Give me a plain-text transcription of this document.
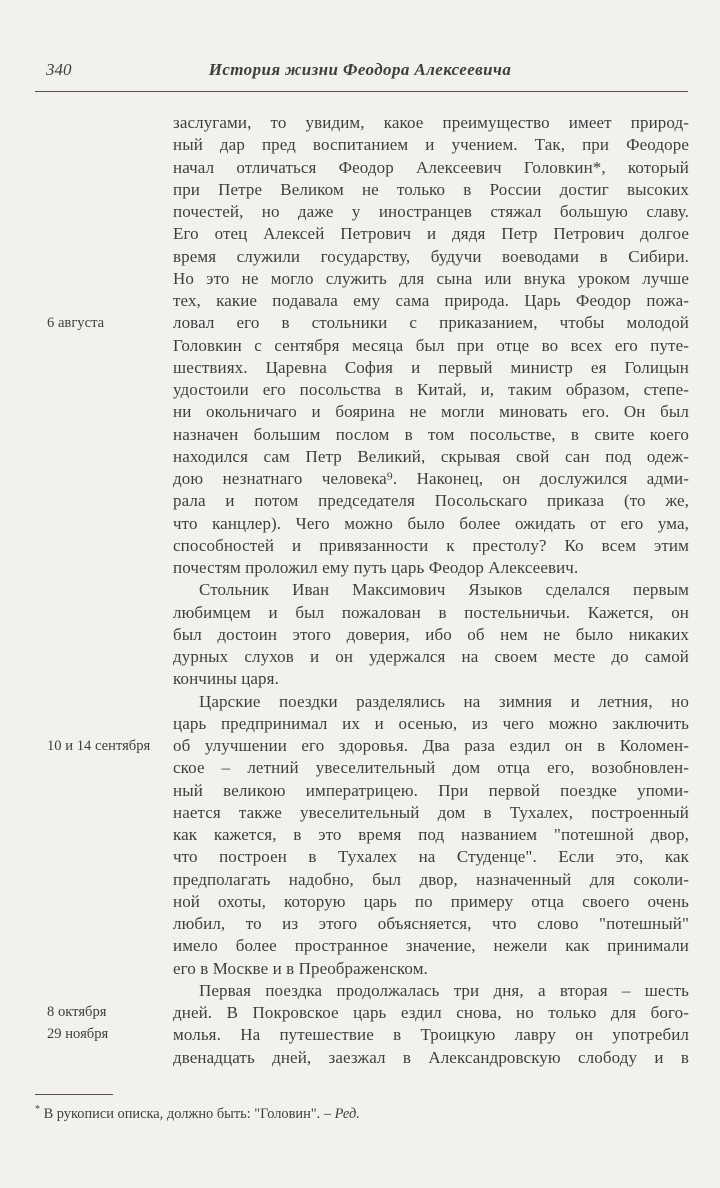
340	История жизни Феодора Алексеевича
6 августа
10 и 14 сентября
8 октября
29 ноября
заслугами, то увидим, какое преимущество имеет природ-
ный дар пред воспитанием и учением. Так, при Феодоре
начал отличаться Феодор Алексеевич Головкин*, который
при Петре Великом не только в России достиг высоких
почестей, но даже у иностранцев стяжал большую славу.
Его отец Алексей Петрович и дядя Петр Петрович долгое
время служили государству, будучи воеводами в Сибири.
Но это не могло служить для сына или внука уроком лучше
тех, какие подавала ему сама природа. Царь Феодор пожа-
ловал его в стольники с приказанием, чтобы молодой
Головкин с сентября месяца был при отце во всех его путе-
шествиях. Царевна София и первый министр ея Голицын
удостоили его посольства в Китай, и, таким образом, степе-
ни окольничаго и боярина не могли миновать его. Он был
назначен большим послом в том посольстве, в свите коего
находился сам Петр Великий, скрывая свой сан под одеж-
дою незнатнаго человека⁹. Наконец, он дослужился адми-
рала и потом председателя Посольскаго приказа (то же,
что канцлер). Чего можно было более ожидать от его ума,
способностей и привязанности к престолу? Ко всем этим
почестям проложил ему путь царь Феодор Алексеевич.
Стольник Иван Максимович Языков сделался первым
любимцем и был пожалован в постельничьи. Кажется, он
был достоин этого доверия, ибо об нем не было никаких
дурных слухов и он удержался на своем месте до самой
кончины царя.
Царские поездки разделялись на зимния и летния, но
царь предпринимал их и осенью, из чего можно заключить
об улучшении его здоровья. Два раза ездил он в Коломен-
ское – летний увеселительный дом отца его, возобновлен-
ный великою императрицею. При первой поездке упоми-
нается также увеселительный дом в Тухалех, построенный
как кажется, в это время под названием "потешной двор,
что построен в Тухалех на Студенце". Если это, как
предполагать надобно, был двор, назначенный для соколи-
ной охоты, которую царь по примеру отца своего очень
любил, то из этого объясняется, что слово "потешный"
имело более пространное значение, нежели как принимали
его в Москве и в Преображенском.
Первая поездка продолжалась три дня, а вторая – шесть
дней. В Покровское царь ездил снова, но только для бого-
молья. На путешествие в Троицкую лавру он употребил
двенадцать дней, заезжал в Александровскую слободу и в
* В рукописи описка, должно быть: "Головин". – Ред.
